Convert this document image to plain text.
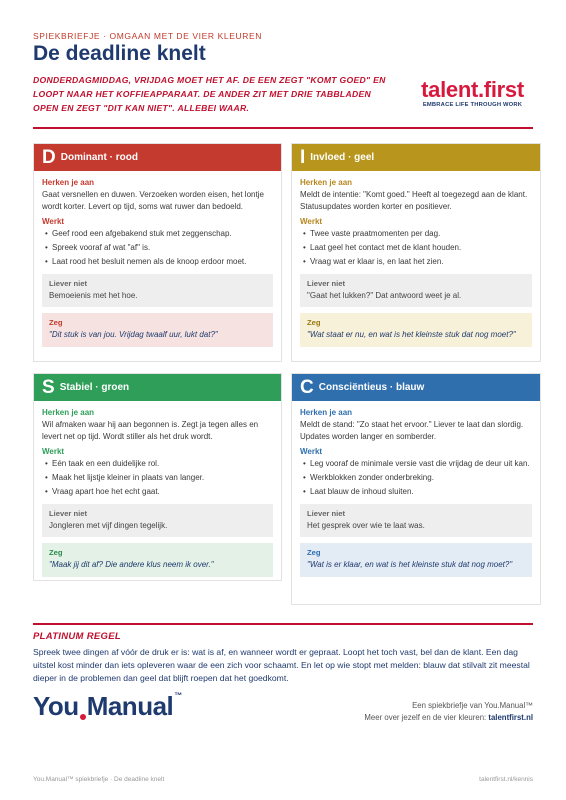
SPIEKBRIEFJE · OMGAAN MET DE VIER KLEUREN
De deadline knelt
DONDERDAGMIDDAG, VRIJDAG MOET HET AF. DE EEN ZEGT "KOMT GOED" EN LOOPT NAAR HET KOFFIEAPPARAAT. DE ANDER ZIT MET DRIE TABBLADEN OPEN EN ZEGT "DIT KAN NIET". ALLEBEI WAAR.
talent.first
EMBRACE LIFE THROUGH WORK
D Dominant · rood
Herken je aan
Gaat versnellen en duwen. Verzoeken worden eisen, het lontje wordt korter. Levert op tijd, soms wat ruwer dan bedoeld.
Werkt
• Geef rood een afgebakend stuk met zeggenschap.
• Spreek vooraf af wat "af" is.
• Laat rood het besluit nemen als de knoop erdoor moet.
Liever niet
Bemoeienis met het hoe.
Zeg
"Dit stuk is van jou. Vrijdag twaalf uur, lukt dat?"
I Invloed · geel
Herken je aan
Meldt de intentie: "Komt goed." Heeft al toegezegd aan de klant. Statusupdates worden korter en positiever.
Werkt
• Twee vaste praatmomenten per dag.
• Laat geel het contact met de klant houden.
• Vraag wat er klaar is, en laat het zien.
Liever niet
"Gaat het lukken?" Dat antwoord weet je al.
Zeg
"Wat staat er nu, en wat is het kleinste stuk dat nog moet?"
S Stabiel · groen
Herken je aan
Wil afmaken waar hij aan begonnen is. Zegt ja tegen alles en levert net op tijd. Wordt stiller als het druk wordt.
Werkt
• Eén taak en een duidelijke rol.
• Maak het lijstje kleiner in plaats van langer.
• Vraag apart hoe het echt gaat.
Liever niet
Jongleren met vijf dingen tegelijk.
Zeg
"Maak jij dit af? Die andere klus neem ik over."
C Consciëntieus · blauw
Herken je aan
Meldt de stand: "Zo staat het ervoor." Liever te laat dan slordig. Updates worden langer en somberder.
Werkt
• Leg vooraf de minimale versie vast die vrijdag de deur uit kan.
• Werkblokken zonder onderbreking.
• Laat blauw de inhoud sluiten.
Liever niet
Het gesprek over wie te laat was.
Zeg
"Wat is er klaar, en wat is het kleinste stuk dat nog moet?"
PLATINUM REGEL
Spreek twee dingen af vóór de druk er is: wat is af, en wanneer wordt er gepraat. Loopt het toch vast, bel dan de klant. Een dag uitstel kost minder dan iets opleveren waar de een zich voor schaamt. En let op wie stopt met melden: blauw dat stilvalt zit meestal dieper in de problemen dan geel dat blijft roepen dat het goedkomt.
You Manual™
Een spiekbriefje van You.Manual™
Meer over jezelf en de vier kleuren: talentfirst.nl
You.Manual™ spiekbriefje · De deadline knelt	talentfirst.nl/kennis
